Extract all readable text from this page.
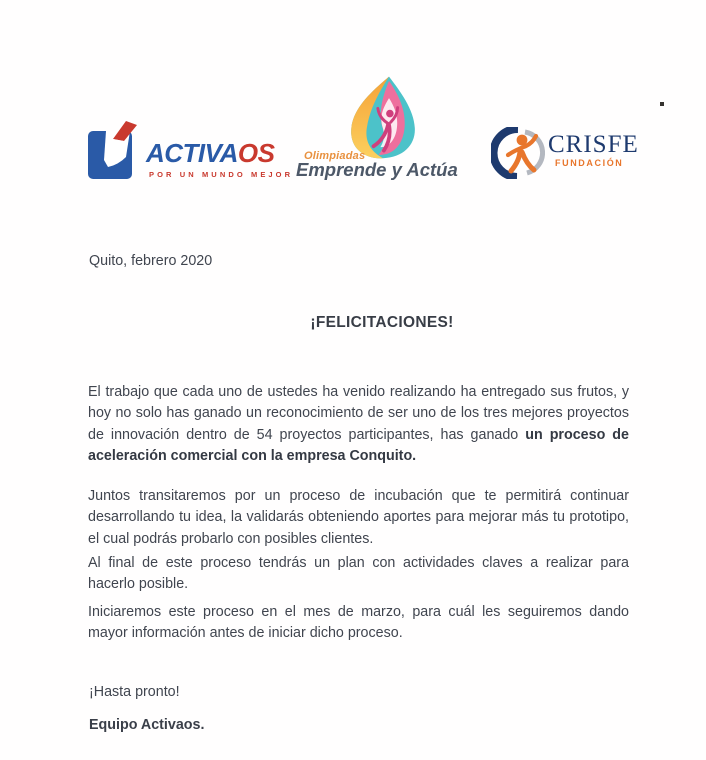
ACTIVAOS
POR UN MUNDO MEJOR
Olimpiadas
Emprende y Actúa
CRISFE
FUNDACIÓN
Quito, febrero 2020
¡FELICITACIONES!

El trabajo que cada uno de ustedes ha venido realizando ha entregado sus frutos, y hoy no solo has ganado un reconocimiento de ser uno de los tres mejores proyectos de innovación dentro de 54 proyectos participantes, has ganado un proceso de aceleración comercial con la empresa Conquito.

Juntos transitaremos por un proceso de incubación que te permitirá continuar desarrollando tu idea, la validarás obteniendo aportes para mejorar más tu prototipo, el cual podrás probarlo con posibles clientes.

Al final de este proceso tendrás un plan con actividades claves a realizar para hacerlo posible.

Iniciaremos este proceso en el mes de marzo, para cuál les seguiremos dando mayor información antes de iniciar dicho proceso.

¡Hasta pronto!
Equipo Activaos.
